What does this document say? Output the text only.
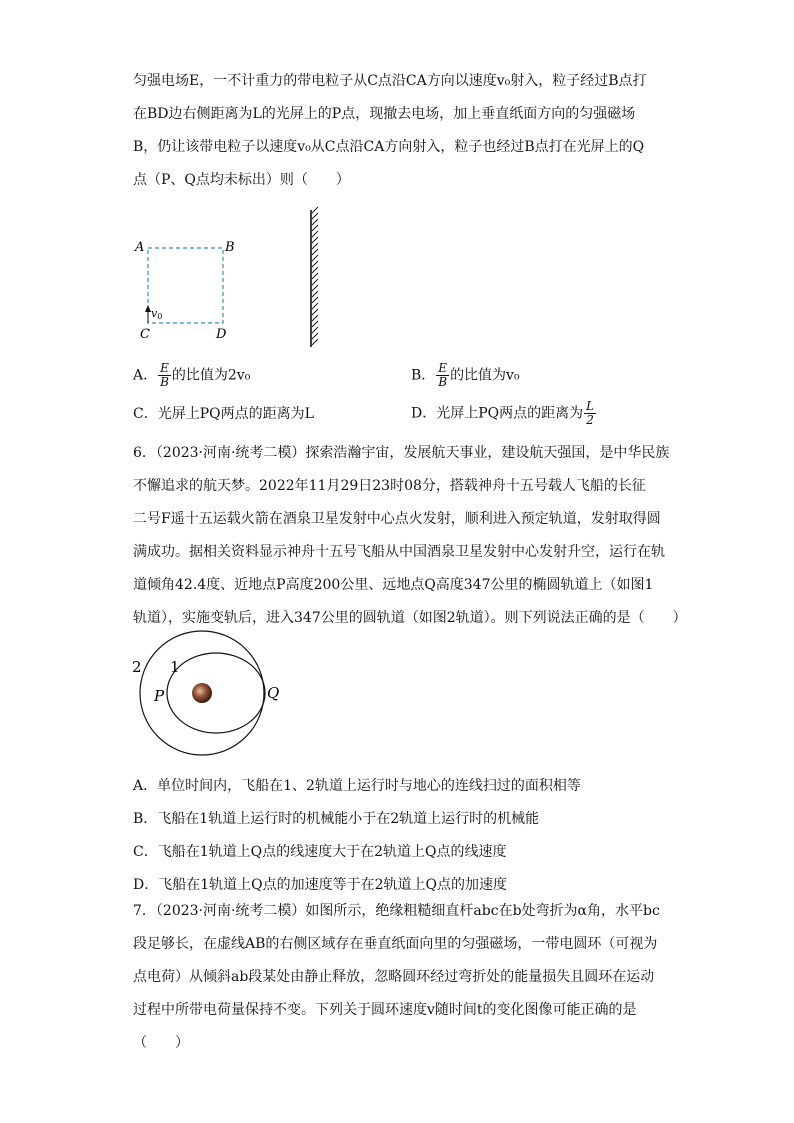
匀强电场E，一不计重力的带电粒子从C点沿CA方向以速度v₀射入，粒子经过B点打
在BD边右侧距离为L的光屏上的P点，现撤去电场，加上垂直纸面方向的匀强磁场
B，仍让该带电粒子以速度v₀从C点沿CA方向射入，粒子也经过B点打在光屏上的Q
点（P、Q点均未标出）则（　　）
A	B
C	D
v0
A． $\frac{E}{B}$ 的比值为2v₀	B． $\frac{E}{B}$ 的比值为v₀
C．光屏上PQ两点的距离为L	D．光屏上PQ两点的距离为 $\frac{L}{2}$
6．（2023·河南·统考二模）探索浩瀚宇宙，发展航天事业，建设航天强国，是中华民族
不懈追求的航天梦。2022年11月29日23时08分，搭载神舟十五号载人飞船的长征
二号F遥十五运载火箭在酒泉卫星发射中心点火发射，顺利进入预定轨道，发射取得圆
满成功。据相关资料显示神舟十五号飞船从中国酒泉卫星发射中心发射升空，运行在轨
道倾角42.4度、近地点P高度200公里、远地点Q高度347公里的椭圆轨道上（如图1
轨道），实施变轨后，进入347公里的圆轨道（如图2轨道）。则下列说法正确的是（　　）
2 1
P	Q
A．单位时间内，飞船在1、2轨道上运行时与地心的连线扫过的面积相等
B．飞船在1轨道上运行时的机械能小于在2轨道上运行时的机械能
C．飞船在1轨道上Q点的线速度大于在2轨道上Q点的线速度
D．飞船在1轨道上Q点的加速度等于在2轨道上Q点的加速度
7．（2023·河南·统考二模）如图所示，绝缘粗糙细直杆abc在b处弯折为α角，水平bc
段足够长，在虚线AB的右侧区域存在垂直纸面向里的匀强磁场，一带电圆环（可视为
点电荷）从倾斜ab段某处由静止释放，忽略圆环经过弯折处的能量损失且圆环在运动
过程中所带电荷量保持不变。下列关于圆环速度v随时间t的变化图像可能正确的是
（　　）
